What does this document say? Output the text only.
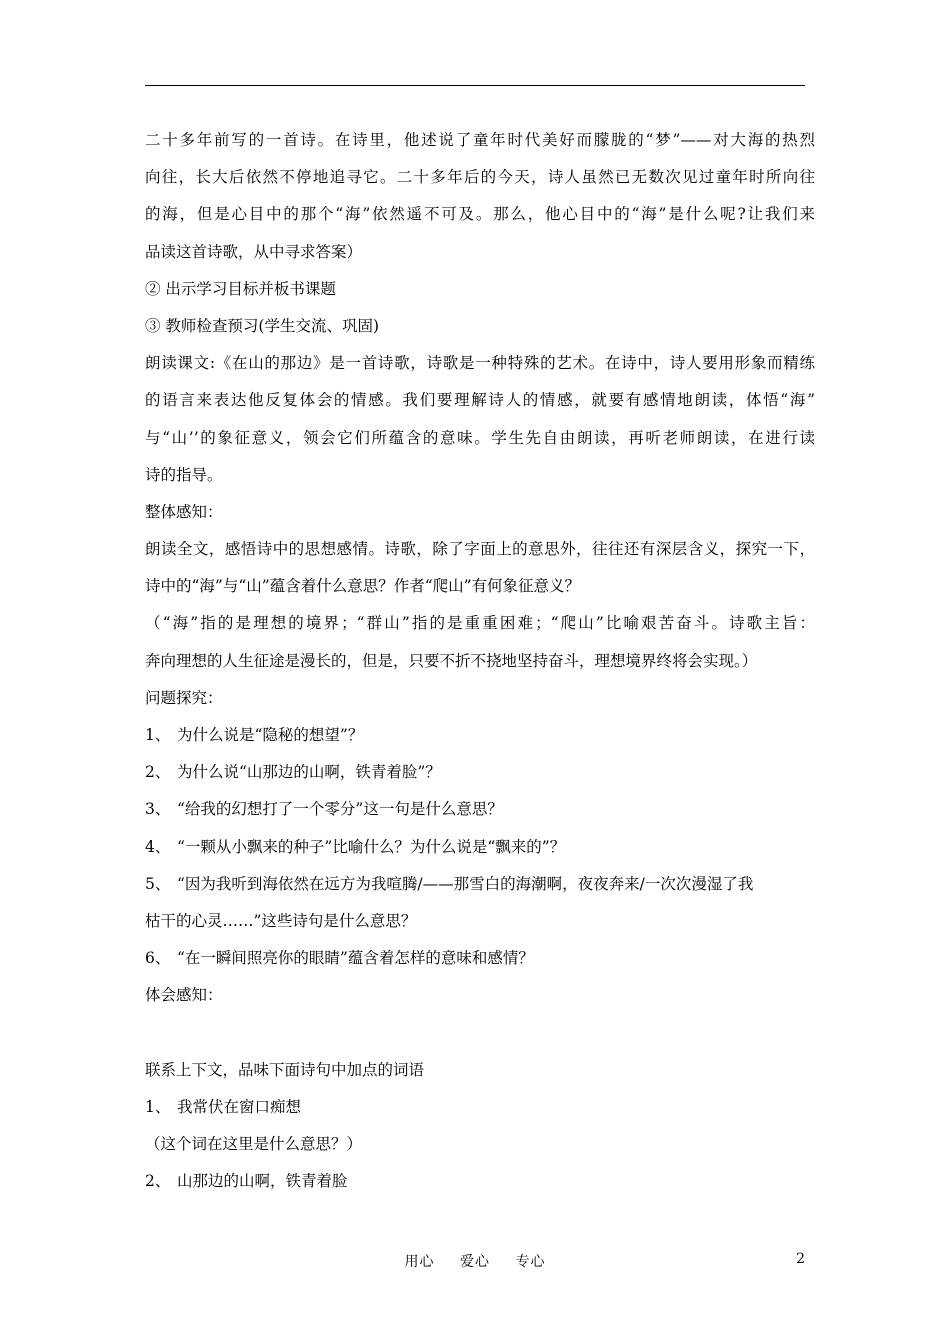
二十多年前写的一首诗。在诗里，他述说了童年时代美好而朦胧的“梦”——对大海的热烈
向往，长大后依然不停地追寻它。二十多年后的今天，诗人虽然已无数次见过童年时所向往
的海，但是心目中的那个“海”依然遥不可及。那么，他心目中的“海”是什么呢?让我们来
品读这首诗歌，从中寻求答案）
② 出示学习目标并板书课题
③ 教师检查预习(学生交流、巩固)
朗读课文:《在山的那边》是一首诗歌，诗歌是一种特殊的艺术。在诗中，诗人要用形象而精练
的语言来表达他反复体会的情感。我们要理解诗人的情感，就要有感情地朗读，体悟“海”
与“山’’的象征意义，领会它们所蕴含的意味。学生先自由朗读，再听老师朗读，在进行读
诗的指导。
整体感知：
朗读全文，感悟诗中的思想感情。诗歌，除了字面上的意思外，往往还有深层含义，探究一下，
诗中的“海”与“山”蕴含着什么意思？作者“爬山”有何象征意义？
（“海”指的是理想的境界；“群山”指的是重重困难；“爬山”比喻艰苦奋斗。诗歌主旨：
奔向理想的人生征途是漫长的，但是，只要不折不挠地坚持奋斗，理想境界终将会实现。）
问题探究：
1、 为什么说是“隐秘的想望”？
2、 为什么说“山那边的山啊，铁青着脸”？
3、 “给我的幻想打了一个零分”这一句是什么意思？
4、 “一颗从小飘来的种子”比喻什么？为什么说是“飘来的”？
5、 “因为我听到海依然在远方为我喧腾/——那雪白的海潮啊，夜夜奔来/一次次漫湿了我
枯干的心灵……”这些诗句是什么意思？
6、 “在一瞬间照亮你的眼睛”蕴含着怎样的意味和感情？
体会感知：
联系上下文，品味下面诗句中加点的词语
1、 我常伏在窗口痴想
（这个词在这里是什么意思？）
2、 山那边的山啊，铁青着脸
用心 爱心 专心	2
